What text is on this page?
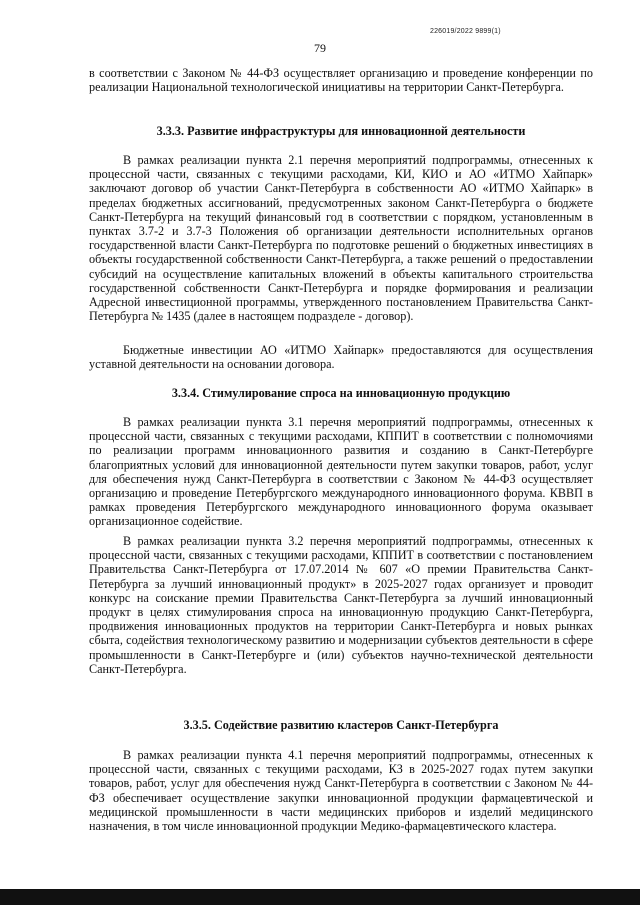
226019/2022 9899(1)
79

в соответствии с Законом № 44-ФЗ осуществляет организацию и проведение конференции по реализации Национальной технологической инициативы на территории Санкт-Петербурга.

3.3.3. Развитие инфраструктуры для инновационной деятельности

В рамках реализации пункта 2.1 перечня мероприятий подпрограммы, отнесенных к процессной части, связанных с текущими расходами, КИ, КИО и АО «ИТМО Хайпарк» заключают договор об участии Санкт-Петербурга в собственности АО «ИТМО Хайпарк» в пределах бюджетных ассигнований, предусмотренных законом Санкт-Петербурга о бюджете Санкт-Петербурга на текущий финансовый год в соответствии с порядком, установленным в пунктах 3.7-2 и 3.7-3 Положения об организации деятельности исполнительных органов государственной власти Санкт-Петербурга по подготовке решений о бюджетных инвестициях в объекты государственной собственности Санкт-Петербурга, а также решений о предоставлении субсидий на осуществление капитальных вложений в объекты капитального строительства государственной собственности Санкт-Петербурга и порядке формирования и реализации Адресной инвестиционной программы, утвержденного постановлением Правительства Санкт-Петербурга № 1435 (далее в настоящем подразделе - договор).

Бюджетные инвестиции АО «ИТМО Хайпарк» предоставляются для осуществления уставной деятельности на основании договора.

3.3.4. Стимулирование спроса на инновационную продукцию

В рамках реализации пункта 3.1 перечня мероприятий подпрограммы, отнесенных к процессной части, связанных с текущими расходами, КППИТ в соответствии с полномочиями по реализации программ инновационного развития и созданию в Санкт-Петербурге благоприятных условий для инновационной деятельности путем закупки товаров, работ, услуг для обеспечения нужд Санкт-Петербурга в соответствии с Законом № 44-ФЗ осуществляет организацию и проведение Петербургского международного инновационного форума. КВВП в рамках проведения Петербургского международного инновационного форума оказывает организационное содействие.

В рамках реализации пункта 3.2 перечня мероприятий подпрограммы, отнесенных к процессной части, связанных с текущими расходами, КППИТ в соответствии с постановлением Правительства Санкт-Петербурга от 17.07.2014 № 607 «О премии Правительства Санкт-Петербурга за лучший инновационный продукт» в 2025-2027 годах организует и проводит конкурс на соискание премии Правительства Санкт-Петербурга за лучший инновационный продукт в целях стимулирования спроса на инновационную продукцию Санкт-Петербурга, продвижения инновационных продуктов на территории Санкт-Петербурга и новых рынках сбыта, содействия технологическому развитию и модернизации субъектов деятельности в сфере промышленности в Санкт-Петербурге и (или) субъектов научно-технической деятельности Санкт-Петербурга.

3.3.5. Содействие развитию кластеров Санкт-Петербурга

В рамках реализации пункта 4.1 перечня мероприятий подпрограммы, отнесенных к процессной части, связанных с текущими расходами, КЗ в 2025-2027 годах путем закупки товаров, работ, услуг для обеспечения нужд Санкт-Петербурга в соответствии с Законом № 44-ФЗ обеспечивает осуществление закупки инновационной продукции фармацевтической и медицинской промышленности в части медицинских приборов и изделий медицинского назначения, в том числе инновационной продукции Медико-фармацевтического кластера.
